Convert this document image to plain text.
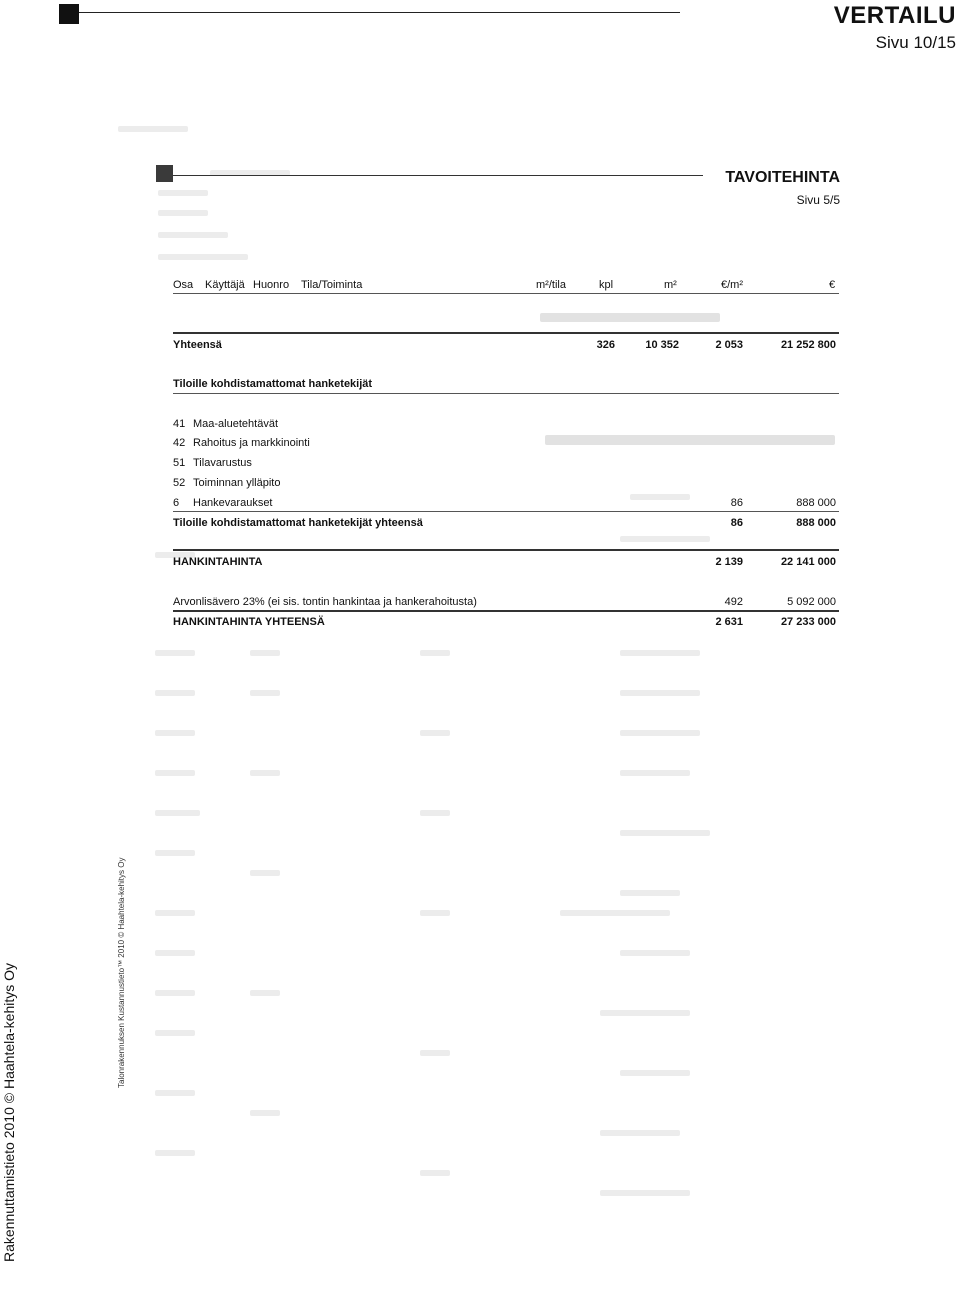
VERTAILU
Sivu 10/15
Rakennuttamistieto 2010 © Haahtela-kehitys Oy	Talonrakennuksen Kustannustieto™ 2010 © Haahtela-kehitys Oy
TAVOITEHINTA
Sivu 5/5
Osa Käyttäjä Huonro Tila/Toiminta	m²/tila	kpl	m²	€/m²	€
Yhteensä	326	10 352	2 053	21 252 800
Tiloille kohdistamattomat hanketekijät
41 Maa-aluetehtävät
42 Rahoitus ja markkinointi
51 Tilavarustus
52 Toiminnan ylläpito
6 Hankevaraukset	86	888 000
Tiloille kohdistamattomat hanketekijät yhteensä	86	888 000
HANKINTAHINTA	2 139	22 141 000
Arvonlisävero 23% (ei sis. tontin hankintaa ja hankerahoitusta)	492	5 092 000
HANKINTAHINTA YHTEENSÄ	2 631	27 233 000
